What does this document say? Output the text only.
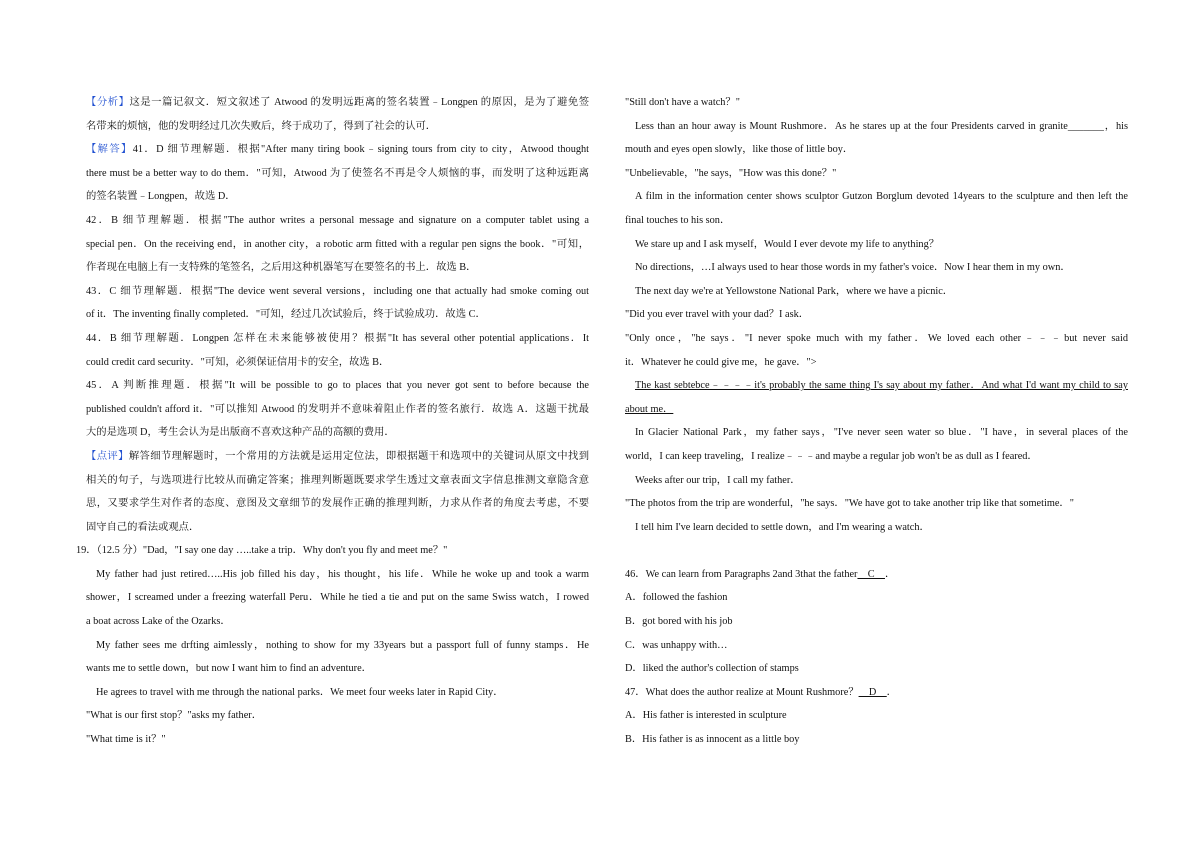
【分析】这是一篇记叙文．短文叙述了 Atwood 的发明远距离的签名装置﹣Longpen 的原因，是为了避免签
名带来的烦恼，他的发明经过几次失败后，终于成功了，得到了社会的认可．
【解答】41．D 细节理解题．根据"After many tiring book﹣signing tours from city to city，Atwood thought
there must be a better way to do them．"可知，Atwood 为了使签名不再是令人烦恼的事，而发明了这种远距离
的签名装置﹣Longpen，故选 D．
42．B 细节理解题．根据"The author writes a personal message and signature on a computer tablet using a
special pen．On the receiving end，in another city，a robotic arm fitted with a regular pen signs the book．"可知，
作者现在电脑上有一支特殊的笔签名，之后用这种机器笔写在要签名的书上．故选 B．
43．C 细节理解题．根据"The device went several versions，including one that actually had smoke coming out
of it．The inventing finally completed．"可知，经过几次试验后，终于试验成功．故选 C．
44．B 细节理解题．Longpen 怎样在未来能够被使用？根据"It has several other potential applications．It
could credit card security．"可知，必须保证信用卡的安全，故选 B．
45．A 判断推理题．根据"It will be possible to go to places that you never got sent to before because the
published couldn't afford it．"可以推知 Atwood 的发明并不意味着阻止作者的签名旅行．故选 A．这题干扰最
大的是选项 D，考生会认为是出版商不喜欢这种产品的高额的费用．
【点评】解答细节理解题时，一个常用的方法就是运用定位法，即根据题干和选项中的关键词从原文中找到
相关的句子，与选项进行比较从而确定答案；推理判断题既要求学生透过文章表面文字信息推测文章隐含意
思，又要求学生对作者的态度、意图及文章细节的发展作正确的推理判断，力求从作者的角度去考虑，不要
固守自己的看法或观点．
19．（12.5 分）"Dad，"I say one day …..take a trip．Why don't you fly and meet me？"
My father had just retired…..His job filled his day，his thought，his life．While he woke up and took a warm
shower，I screamed under a freezing waterfall Peru．While he tied a tie and put on the same Swiss watch，I rowed
a boat across Lake of the Ozarks．
My father sees me drfting aimlessly，nothing to show for my 33years but a passport full of funny stamps．He
wants me to settle down，but now I want him to find an adventure．
He agrees to travel with me through the national parks．We meet four weeks later in Rapid City．
"What is our first stop？"asks my father．
"What time is it？"
"Still don't have a watch？"
Less than an hour away is Mount Rushmore．As he stares up at the four Presidents carved in granite_______，his
mouth and eyes open slowly，like those of little boy．
"Unbelievable，"he says，"How was this done？"
A film in the information center shows sculptor Gutzon Borglum devoted 14years to the sculpture and then left the
final touches to his son．
We stare up and I ask myself，Would I ever devote my life to anything？
No directions，…I always used to hear those words in my father's voice．Now I hear them in my own．
The next day we're at Yellowstone National Park，where we have a picnic．
"Did you ever travel with your dad？I ask．
"Only once，"he says．"I never spoke much with my father．We loved each other﹣﹣﹣but never said
it．Whatever he could give me，he gave．">
The kast sebtebce﹣﹣﹣﹣it's probably the same thing I's say about my father．And what I'd want my child to say
about me．
In Glacier National Park，my father says，"I've never seen water so blue．"I have，in several places of the
world，I can keep traveling，I realize﹣﹣﹣and maybe a regular job won't be as dull as I feared．
Weeks after our trip，I call my father．
"The photos from the trip are wonderful，"he says．"We have got to take another trip like that sometime．"
I tell him I've learn decided to settle down，and I'm wearing a watch．
46．We can learn from Paragraphs 2and 3that the father__C__．
A．followed the fashion
B．got bored with his job
C．was unhappy with…
D．liked the author's collection of stamps
47．What does the author realize at Mount Rushmore？__D__．
A．His father is interested in sculpture
B．His father is as innocent as a little boy
